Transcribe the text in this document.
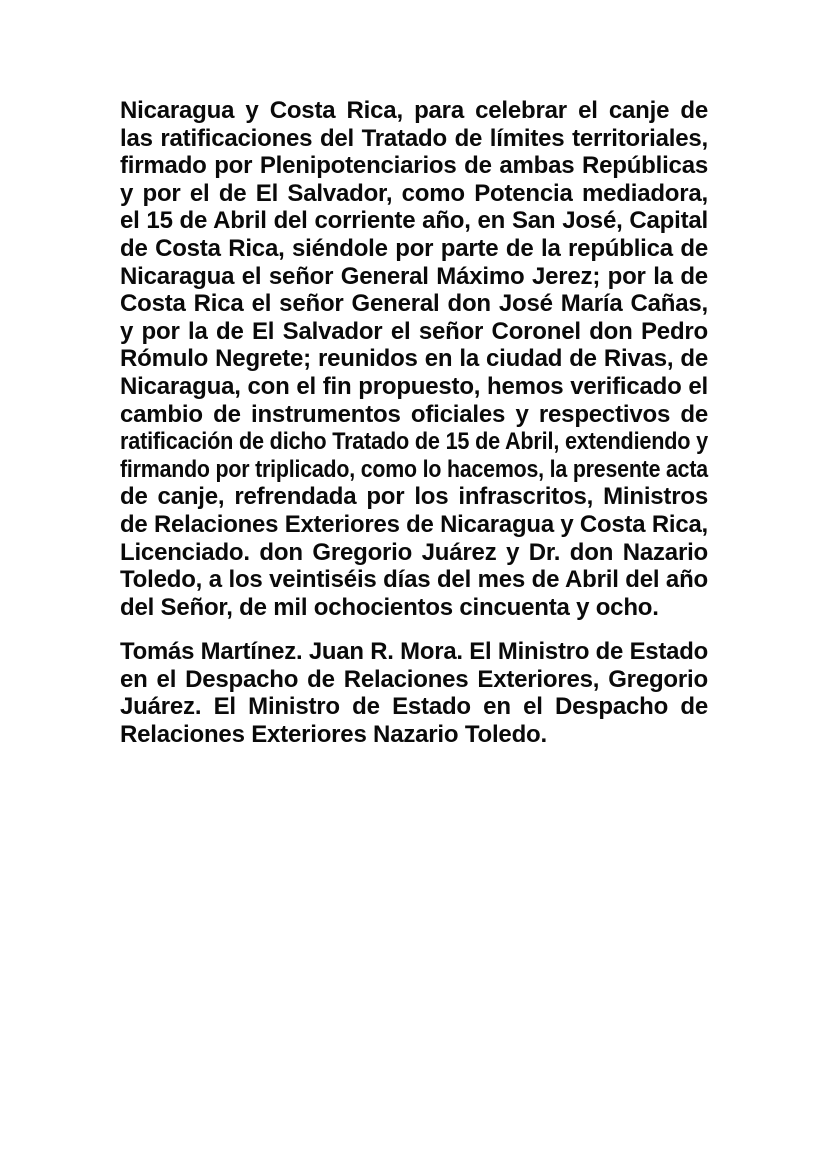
Nicaragua y Costa Rica, para celebrar el canje de
las ratificaciones del Tratado de límites territoriales,
firmado por Plenipotenciarios de ambas Repúblicas
y por el de El Salvador, como Potencia mediadora,
el 15 de Abril del corriente año, en San José, Capital
de Costa Rica, siéndole por parte de la república de
Nicaragua el señor General Máximo Jerez; por la de
Costa Rica el señor General don José María Cañas,
y por la de El Salvador el señor Coronel don Pedro
Rómulo Negrete; reunidos en la ciudad de Rivas, de
Nicaragua, con el fin propuesto, hemos verificado el
cambio de instrumentos oficiales y respectivos de
ratificación de dicho Tratado de 15 de Abril, extendiendo y
firmando por triplicado, como lo hacemos, la presente acta
de canje, refrendada por los infrascritos, Ministros
de Relaciones Exteriores de Nicaragua y Costa Rica,
Licenciado. don Gregorio Juárez y Dr. don Nazario
Toledo, a los veintiséis días del mes de Abril del año
del Señor, de mil ochocientos cincuenta y ocho.
Tomás Martínez. Juan R. Mora. El Ministro de Estado
en el Despacho de Relaciones Exteriores, Gregorio
Juárez. El Ministro de Estado en el Despacho de
Relaciones Exteriores Nazario Toledo.
